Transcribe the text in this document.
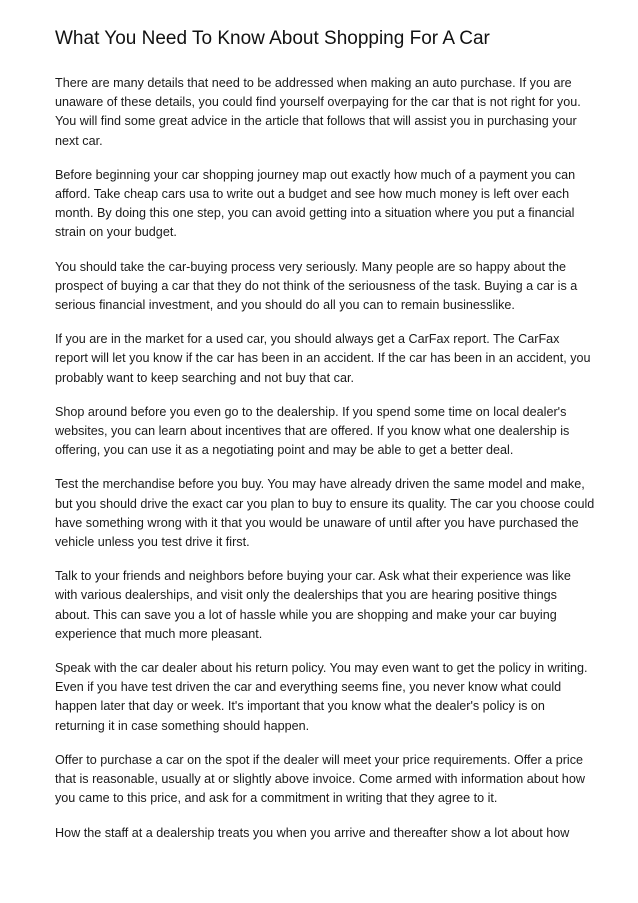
What You Need To Know About Shopping For A Car

There are many details that need to be addressed when making an auto purchase. If you are unaware of these details, you could find yourself overpaying for the car that is not right for you. You will find some great advice in the article that follows that will assist you in purchasing your next car.

Before beginning your car shopping journey map out exactly how much of a payment you can afford. Take cheap cars usa to write out a budget and see how much money is left over each month. By doing this one step, you can avoid getting into a situation where you put a financial strain on your budget.

You should take the car-buying process very seriously. Many people are so happy about the prospect of buying a car that they do not think of the seriousness of the task. Buying a car is a serious financial investment, and you should do all you can to remain businesslike.

If you are in the market for a used car, you should always get a CarFax report. The CarFax report will let you know if the car has been in an accident. If the car has been in an accident, you probably want to keep searching and not buy that car.

Shop around before you even go to the dealership. If you spend some time on local dealer's websites, you can learn about incentives that are offered. If you know what one dealership is offering, you can use it as a negotiating point and may be able to get a better deal.

Test the merchandise before you buy. You may have already driven the same model and make, but you should drive the exact car you plan to buy to ensure its quality. The car you choose could have something wrong with it that you would be unaware of until after you have purchased the vehicle unless you test drive it first.

Talk to your friends and neighbors before buying your car. Ask what their experience was like with various dealerships, and visit only the dealerships that you are hearing positive things about. This can save you a lot of hassle while you are shopping and make your car buying experience that much more pleasant.

Speak with the car dealer about his return policy. You may even want to get the policy in writing. Even if you have test driven the car and everything seems fine, you never know what could happen later that day or week. It's important that you know what the dealer's policy is on returning it in case something should happen.

Offer to purchase a car on the spot if the dealer will meet your price requirements. Offer a price that is reasonable, usually at or slightly above invoice. Come armed with information about how you came to this price, and ask for a commitment in writing that they agree to it.

How the staff at a dealership treats you when you arrive and thereafter show a lot about how
